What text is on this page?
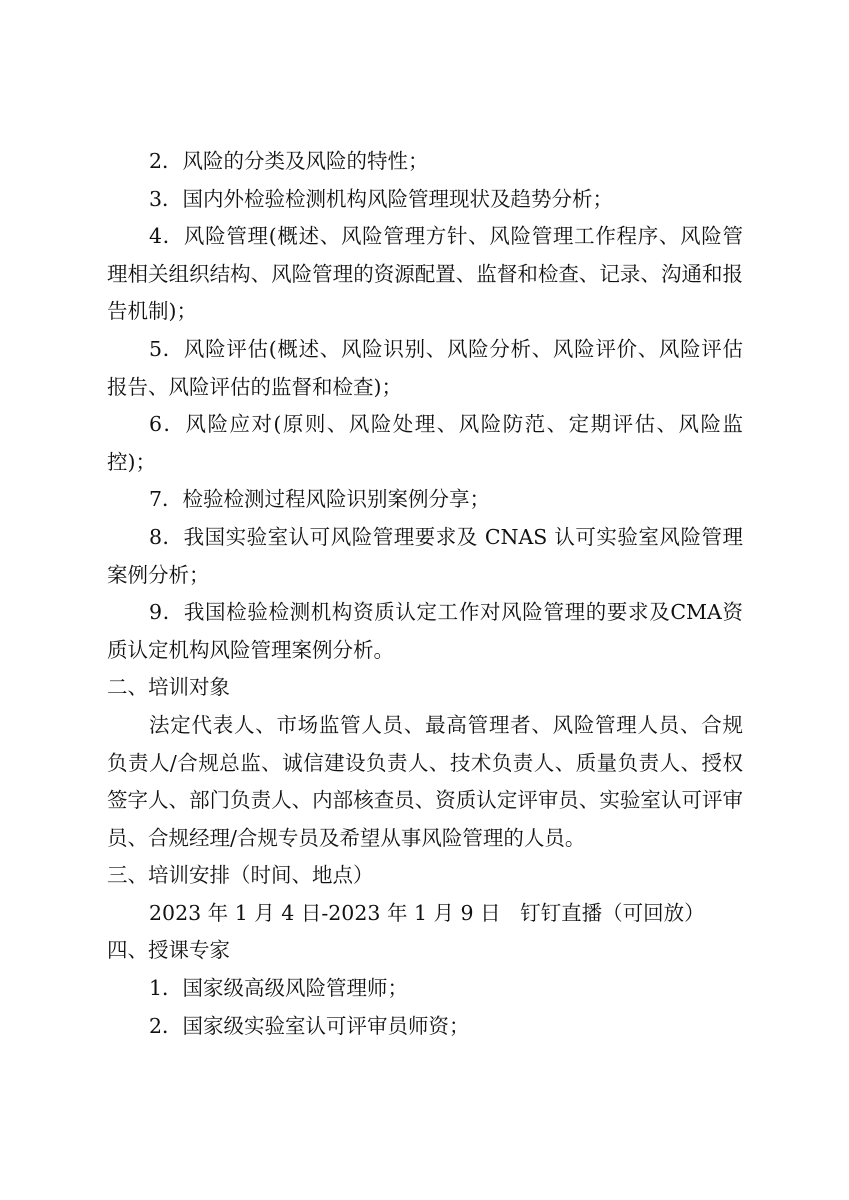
2．风险的分类及风险的特性；

3．国内外检验检测机构风险管理现状及趋势分析；

4．风险管理(概述、风险管理方针、风险管理工作程序、风险管理相关组织结构、风险管理的资源配置、监督和检查、记录、沟通和报告机制)；

5．风险评估(概述、风险识别、风险分析、风险评价、风险评估报告、风险评估的监督和检查)；

6．风险应对(原则、风险处理、风险防范、定期评估、风险监控)；

7．检验检测过程风险识别案例分享；

8．我国实验室认可风险管理要求及 CNAS 认可实验室风险管理案例分析；

9．我国检验检测机构资质认定工作对风险管理的要求及CMA资质认定机构风险管理案例分析。

二、培训对象

法定代表人、市场监管人员、最高管理者、风险管理人员、合规负责人/合规总监、诚信建设负责人、技术负责人、质量负责人、授权签字人、部门负责人、内部核查员、资质认定评审员、实验室认可评审员、合规经理/合规专员及希望从事风险管理的人员。

三、培训安排（时间、地点）

2023 年 1 月 4 日-2023 年 1 月 9 日   钉钉直播（可回放）

四、授课专家

1．国家级高级风险管理师；

2．国家级实验室认可评审员师资；
